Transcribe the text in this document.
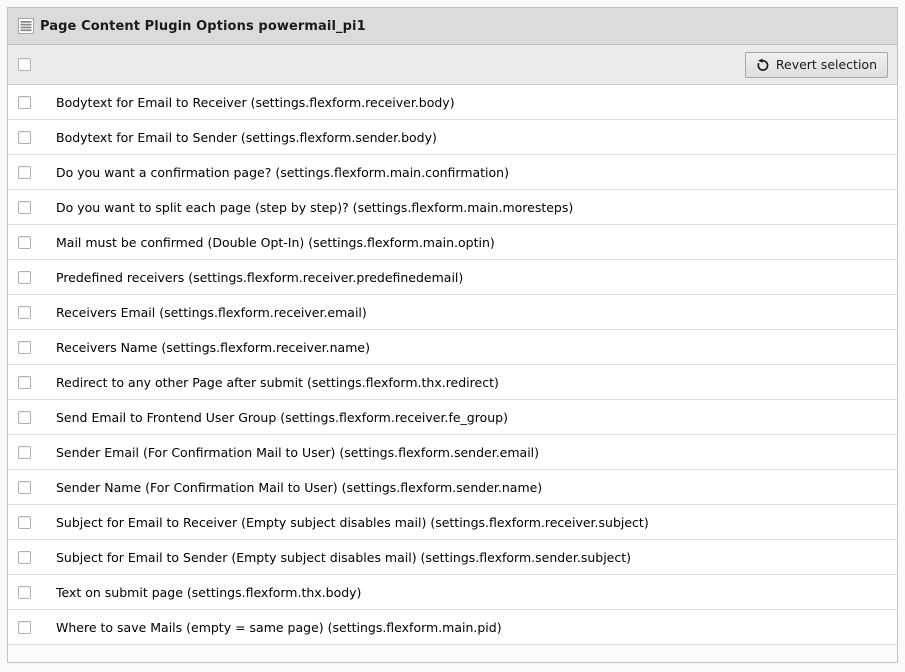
Page Content Plugin Options powermail_pi1
Revert selection
Bodytext for Email to Receiver (settings.flexform.receiver.body)
Bodytext for Email to Sender (settings.flexform.sender.body)
Do you want a confirmation page? (settings.flexform.main.confirmation)
Do you want to split each page (step by step)? (settings.flexform.main.moresteps)
Mail must be confirmed (Double Opt-In) (settings.flexform.main.optin)
Predefined receivers (settings.flexform.receiver.predefinedemail)
Receivers Email (settings.flexform.receiver.email)
Receivers Name (settings.flexform.receiver.name)
Redirect to any other Page after submit (settings.flexform.thx.redirect)
Send Email to Frontend User Group (settings.flexform.receiver.fe_group)
Sender Email (For Confirmation Mail to User) (settings.flexform.sender.email)
Sender Name (For Confirmation Mail to User) (settings.flexform.sender.name)
Subject for Email to Receiver (Empty subject disables mail) (settings.flexform.receiver.subject)
Subject for Email to Sender (Empty subject disables mail) (settings.flexform.sender.subject)
Text on submit page (settings.flexform.thx.body)
Where to save Mails (empty = same page) (settings.flexform.main.pid)
